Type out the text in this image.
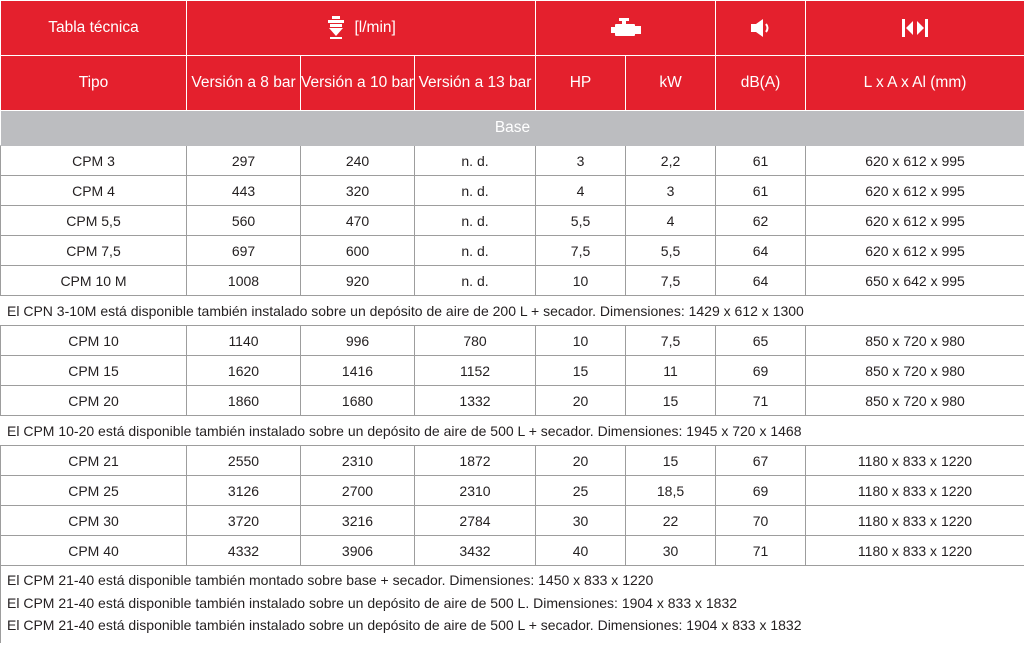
Tabla técnica	[l/min]			
Tipo	Versión a 8 bar	Versión a 10 bar	Versión a 13 bar	HP	kW	dB(A)	L x A x Al (mm)
Base							
CPM 3	297	240	n. d.	3	2,2	61	620 x 612 x 995
CPM 4	443	320	n. d.	4	3	61	620 x 612 x 995
CPM 5,5	560	470	n. d.	5,5	4	62	620 x 612 x 995
CPM 7,5	697	600	n. d.	7,5	5,5	64	620 x 612 x 995
CPM 10 M	1008	920	n. d.	10	7,5	64	650 x 642 x 995
El CPN 3-10M está disponible también instalado sobre un depósito de aire de 200 L + secador. Dimensiones: 1429 x 612 x 1300							
CPM 10	1140	996	780	10	7,5	65	850 x 720 x 980
CPM 15	1620	1416	1152	15	11	69	850 x 720 x 980
CPM 20	1860	1680	1332	20	15	71	850 x 720 x 980
El CPM 10-20 está disponible también instalado sobre un depósito de aire de 500 L + secador. Dimensiones: 1945 x 720 x 1468							
CPM 21	2550	2310	1872	20	15	67	1180 x 833 x 1220
CPM 25	3126	2700	2310	25	18,5	69	1180 x 833 x 1220
CPM 30	3720	3216	2784	30	22	70	1180 x 833 x 1220
CPM 40	4332	3906	3432	40	30	71	1180 x 833 x 1220

El CPM 21-40 está disponible también montado sobre base + secador. Dimensiones: 1450 x 833 x 1220
El CPM 21-40 está disponible también instalado sobre un depósito de aire de 500 L. Dimensiones: 1904 x 833 x 1832
El CPM 21-40 está disponible también instalado sobre un depósito de aire de 500 L + secador. Dimensiones: 1904 x 833 x 1832							
